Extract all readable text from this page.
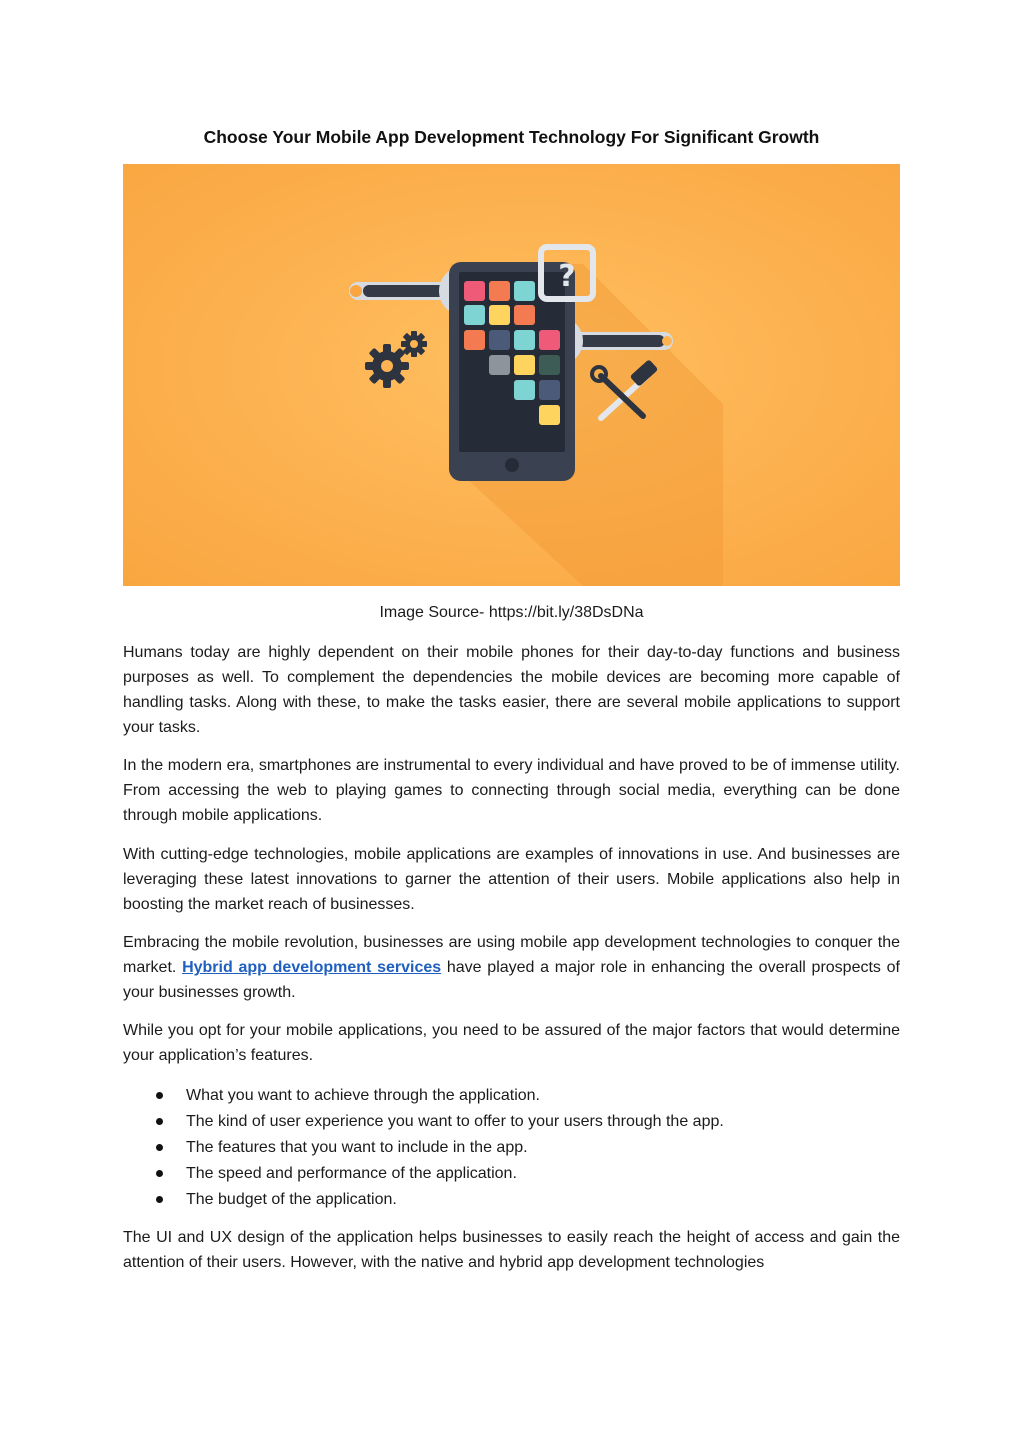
Choose Your Mobile App Development Technology For Significant Growth
?
Image Source- https://bit.ly/38DsDNa

Humans today are highly dependent on their mobile phones for their day-to-day functions and business purposes as well. To complement the dependencies the mobile devices are becoming more capable of handling tasks. Along with these, to make the tasks easier, there are several mobile applications to support your tasks.

In the modern era, smartphones are instrumental to every individual and have proved to be of immense utility. From accessing the web to playing games to connecting through social media, everything can be done through mobile applications.

With cutting-edge technologies, mobile applications are examples of innovations in use. And businesses are leveraging these latest innovations to garner the attention of their users. Mobile applications also help in boosting the market reach of businesses.

Embracing the mobile revolution, businesses are using mobile app development technologies to conquer the market. Hybrid app development services have played a major role in enhancing the overall prospects of your businesses growth.

While you opt for your mobile applications, you need to be assured of the major factors that would determine your application’s features.

What you want to achieve through the application.
The kind of user experience you want to offer to your users through the app.
The features that you want to include in the app.
The speed and performance of the application.
The budget of the application.

The UI and UX design of the application helps businesses to easily reach the height of access and gain the attention of their users. However, with the native and hybrid app development technologies
